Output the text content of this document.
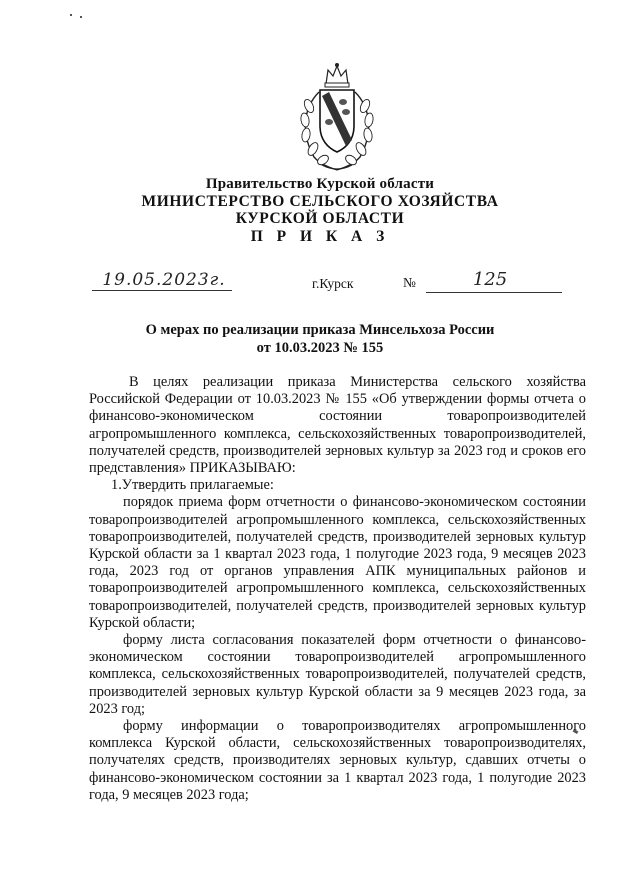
Правительство Курской области
МИНИСТЕРСТВО СЕЛЬСКОГО ХОЗЯЙСТВА
КУРСКОЙ ОБЛАСТИ
П Р И К А З
19.05.2023г.	г.Курск	№	125
О мерах по реализации приказа Минсельхоза России
от 10.03.2023 № 155

В целях реализации приказа Министерства сельского хозяйства Российской Федерации от 10.03.2023 № 155 «Об утверждении формы отчета о финансово-экономическом состоянии товаропроизводителей агропромышленного комплекса, сельскохозяйственных товаропроизводителей, получателей средств, производителей зерновых культур за 2023 год и сроков его представления» ПРИКАЗЫВАЮ:

1.Утвердить прилагаемые:

порядок приема форм отчетности о финансово-экономическом состоянии товаропроизводителей агропромышленного комплекса, сельскохозяйственных товаропроизводителей, получателей средств, производителей зерновых культур Курской области за 1 квартал 2023 года, 1 полугодие 2023 года, 9 месяцев 2023 года, 2023 год от органов управления АПК муниципальных районов и товаропроизводителей агропромышленного комплекса, сельскохозяйственных товаропроизводителей, получателей средств, производителей зерновых культур Курской области;

форму листа согласования показателей форм отчетности о финансово-экономическом состоянии товаропроизводителей агропромышленного комплекса, сельскохозяйственных товаропроизводителей, получателей средств, производителей зерновых культур Курской области за 9 месяцев 2023 года, за 2023 год;

форму информации о товаропроизводителях агропромышленного комплекса Курской области, сельскохозяйственных товаропроизводителях, получателях средств, производителях зерновых культур, сдавших отчеты о финансово-экономическом состоянии за 1 квартал 2023 года, 1 полугодие 2023 года, 9 месяцев 2023 года;
